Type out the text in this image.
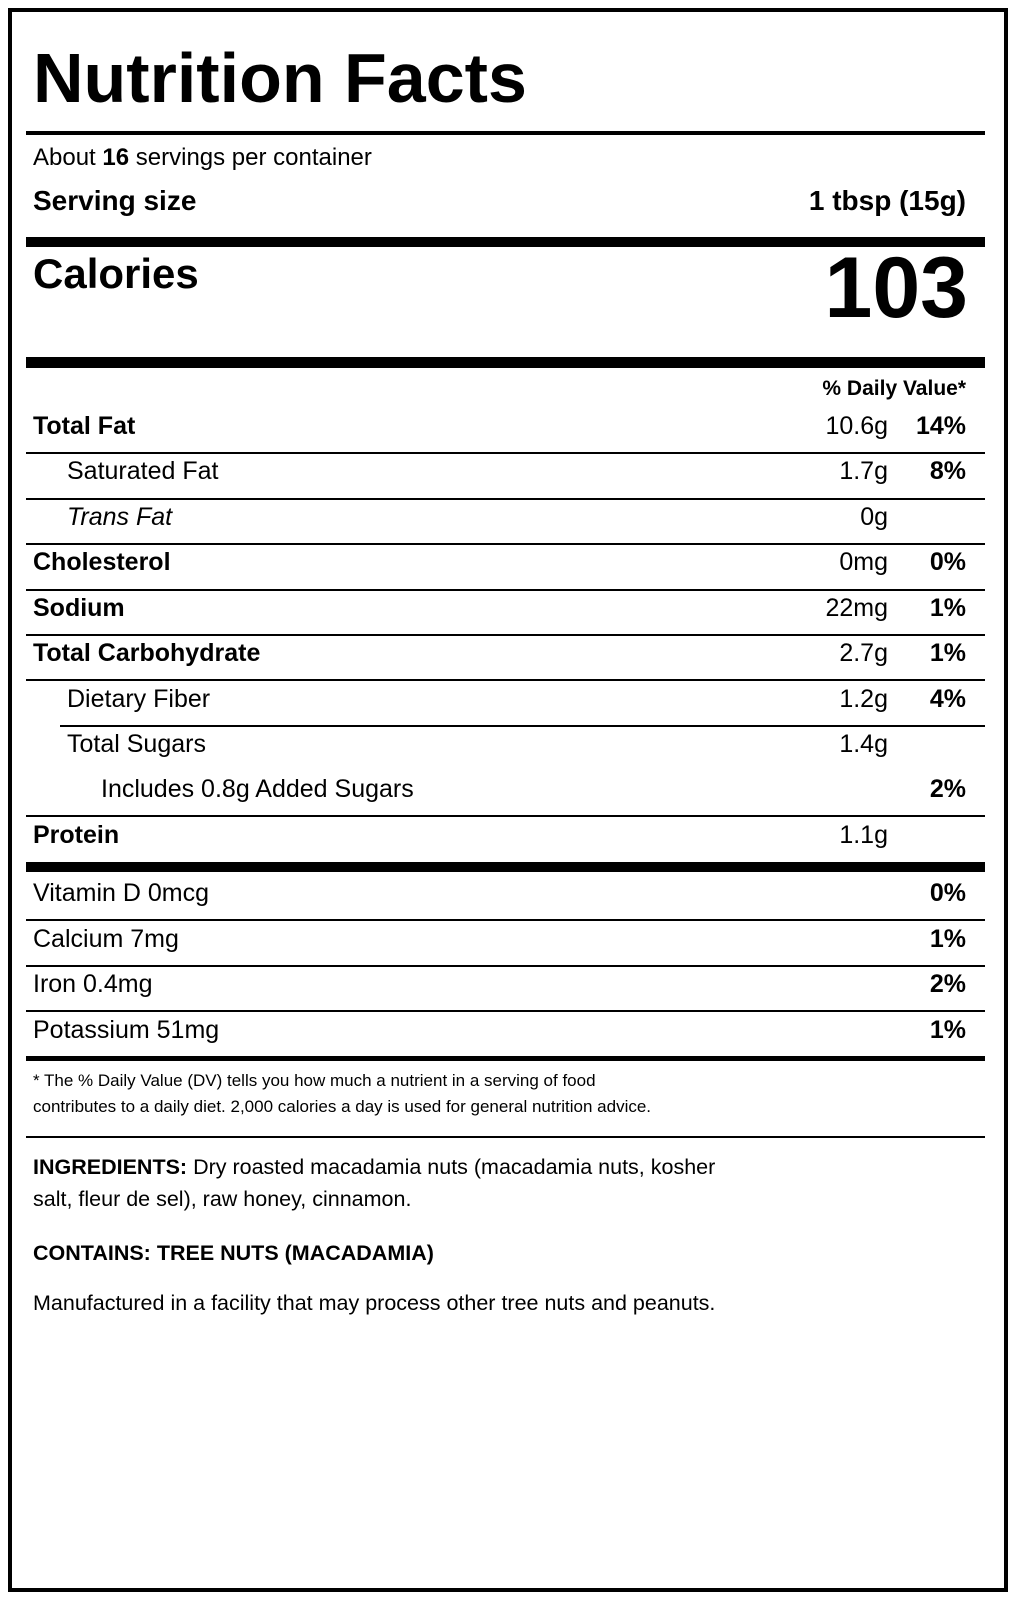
Nutrition Facts
About 16 servings per container
Serving size	1 tbsp (15g)
Calories	103
% Daily Value*
Total Fat	10.6g 14%
Saturated Fat	1.7g 8%
Trans Fat	0g
Cholesterol	0mg 0%
Sodium	22mg 1%
Total Carbohydrate	2.7g 1%
Dietary Fiber	1.2g 4%
Total Sugars	1.4g
Includes 0.8g Added Sugars	2%
Protein	1.1g
Vitamin D 0mcg	0%
Calcium 7mg	1%
Iron 0.4mg	2%
Potassium 51mg	1%
* The % Daily Value (DV) tells you how much a nutrient in a serving of food
contributes to a daily diet. 2,000 calories a day is used for general nutrition advice.
INGREDIENTS: Dry roasted macadamia nuts (macadamia nuts, kosher
salt, fleur de sel), raw honey, cinnamon.
CONTAINS: TREE NUTS (MACADAMIA)
Manufactured in a facility that may process other tree nuts and peanuts.
